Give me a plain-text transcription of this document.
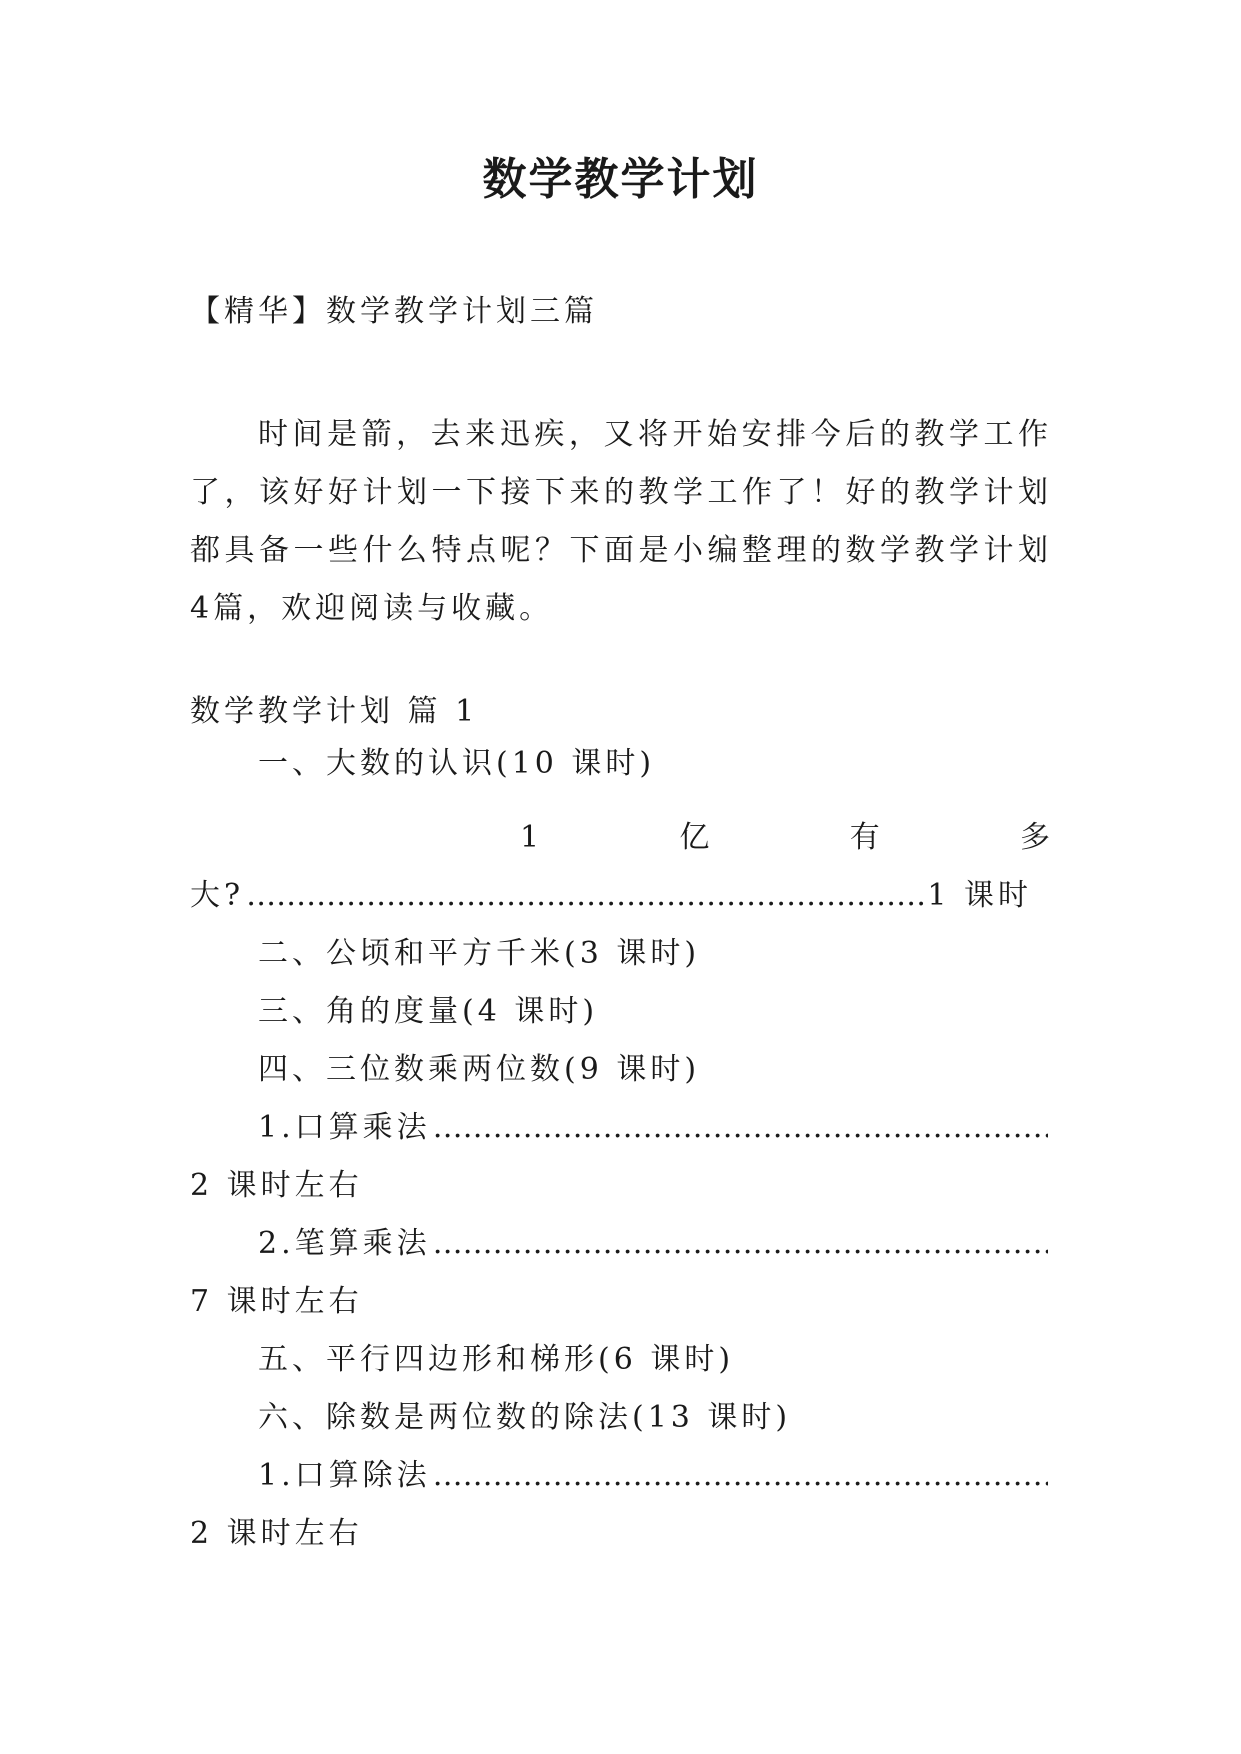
数学教学计划
【精华】数学教学计划三篇
时间是箭，去来迅疾，又将开始安排今后的教学工作了，该好好计划一下接下来的教学工作了！好的教学计划都具备一些什么特点呢？下面是小编整理的数学教学计划4篇，欢迎阅读与收藏。
数学教学计划 篇 1
一、大数的认识(10 课时)
1	亿	有	多
大?
……………………………………………………………………………………………………………………	1 课时
二、公顷和平方千米(3 课时)
三、角的度量(4 课时)
四、三位数乘两位数(9 课时)
1.口算乘法
……………………………………………………………………………………………………………………
2 课时左右
2.笔算乘法
……………………………………………………………………………………………………………………
7 课时左右
五、平行四边形和梯形(6 课时)
六、除数是两位数的除法(13 课时)
1.口算除法
……………………………………………………………………………………………………………………
2 课时左右
